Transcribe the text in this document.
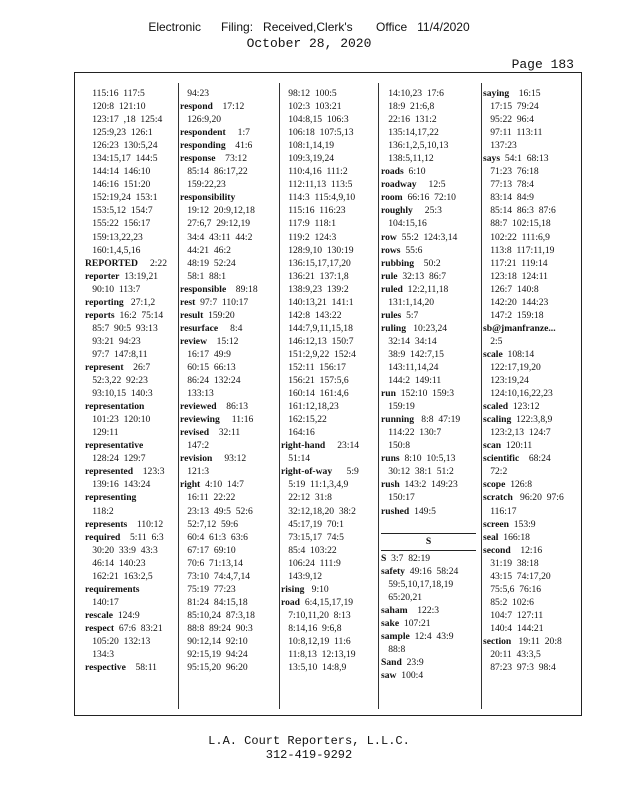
Electronic      Filing:   Received,Clerk's       Office   11/4/2020
October 28, 2020
Page 183
115:16  117:5
120:8  121:10
123:17  ,18  125:4
125:9,23  126:1
126:23  130:5,24
134:15,17  144:5
144:14  146:10
146:16  151:20
152:19,24  153:1
153:5,12  154:7
155:22  156:17
159:13,22,23
160:1,4,5,16
REPORTED     2:22
reporter  13:19,21
90:10  113:7
reporting   27:1,2
reports  16:2  75:14
85:7  90:5  93:13
93:21  94:23
97:7  147:8,11
represent    26:7
52:3,22  92:23
93:10,15  140:3
representation
101:23  120:10
129:11
representative
128:24  129:7
represented    123:3
139:16  143:24
representing
118:2
represents    110:12
required    5:11  6:3
30:20  33:9  43:3
46:14  140:23
162:21  163:2,5
requirements
140:17
rescale  124:9
respect  67:6  83:21
105:20  132:13
134:3
respective    58:11
94:23
respond    17:12
126:9,20
respondent     1:7
responding    41:6
response    73:12
85:14  86:17,22
159:22,23
responsibility
19:12  20:9,12,18
27:6,7  29:12,19
34:4  43:11  44:2
44:21  46:2
48:19  52:24
58:1  88:1
responsible    89:18
rest  97:7  110:17
result  159:20
resurface     8:4
review    15:12
16:17  49:9
60:15  66:13
86:24  132:24
133:13
reviewed    86:13
reviewing     11:16
revised    32:11
147:2
revision     93:12
121:3
right  4:10  14:7
16:11  22:22
23:13  49:5  52:6
52:7,12  59:6
60:4  61:3  63:6
67:17  69:10
70:6  71:13,14
73:10  74:4,7,14
75:19  77:23
81:24  84:15,18
85:10,24  87:3,18
88:8  89:24  90:3
90:12,14  92:10
92:15,19  94:24
95:15,20  96:20
98:12  100:5
102:3  103:21
104:8,15  106:3
106:18  107:5,13
108:1,14,19
109:3,19,24
110:4,16  111:2
112:11,13  113:5
114:3  115:4,9,10
115:16  116:23
117:9  118:1
119:2  124:3
128:9,10  130:19
136:15,17,17,20
136:21  137:1,8
138:9,23  139:2
140:13,21  141:1
142:8  143:22
144:7,9,11,15,18
146:12,13  150:7
151:2,9,22  152:4
152:11  156:17
156:21  157:5,6
160:14  161:4,6
161:12,18,23
162:15,22
164:16
right-hand     23:14
51:14
right-of-way      5:9
5:19  11:1,3,4,9
22:12  31:8
32:12,18,20  38:2
45:17,19  70:1
73:15,17  74:5
85:4  103:22
106:24  111:9
143:9,12
rising   9:10
road  6:4,15,17,19
7:10,11,20  8:13
8:14,16  9:6,8
10:8,12,19  11:6
11:8,13  12:13,19
13:5,10  14:8,9
14:10,23  17:6
18:9  21:6,8
22:16  131:2
135:14,17,22
136:1,2,5,10,13
138:5,11,12
roads  6:10
roadway     12:5
room  66:16  72:10
roughly     25:3
104:15,16
row  55:2  124:3,14
rows  55:6
rubbing    50:2
rule  32:13  86:7
ruled  12:2,11,18
131:1,14,20
rules  5:7
ruling   10:23,24
32:14  34:14
38:9  142:7,15
143:11,14,24
144:2  149:11
run  152:10  159:3
159:19
running   8:8  47:19
114:22  130:7
150:8
runs  8:10  10:5,13
30:12  38:1  51:2
rush  143:2  149:23
150:17
rushed  149:5
S
S  3:7  82:19
safety  49:16  58:24
59:5,10,17,18,19
65:20,21
saham    122:3
sake  107:21
sample  12:4  43:9
88:8
Sand  23:9
saw  100:4
saying    16:15
17:15  79:24
95:22  96:4
97:11  113:11
137:23
says  54:1  68:13
71:23  76:18
77:13  78:4
83:14  84:9
85:14  86:3  87:6
88:7  102:15,18
102:22  111:6,9
113:8  117:11,19
117:21  119:14
123:18  124:11
126:7  140:8
142:20  144:23
147:2  159:18
sb@jmanfranze...
2:5
scale  108:14
122:17,19,20
123:19,24
124:10,16,22,23
scaled  123:12
scaling  122:3,8,9
123:2,13  124:7
scan  120:11
scientific    68:24
72:2
scope  126:8
scratch   96:20  97:6
116:17
screen  153:9
seal  166:18
second    12:16
31:19  38:18
43:15  74:17,20
75:5,6  76:16
85:2  102:6
104:7  127:11
140:4  144:21
section   19:11  20:8
20:11  43:3,5
87:23  97:3  98:4
L.A. Court Reporters, L.L.C.
312-419-9292
